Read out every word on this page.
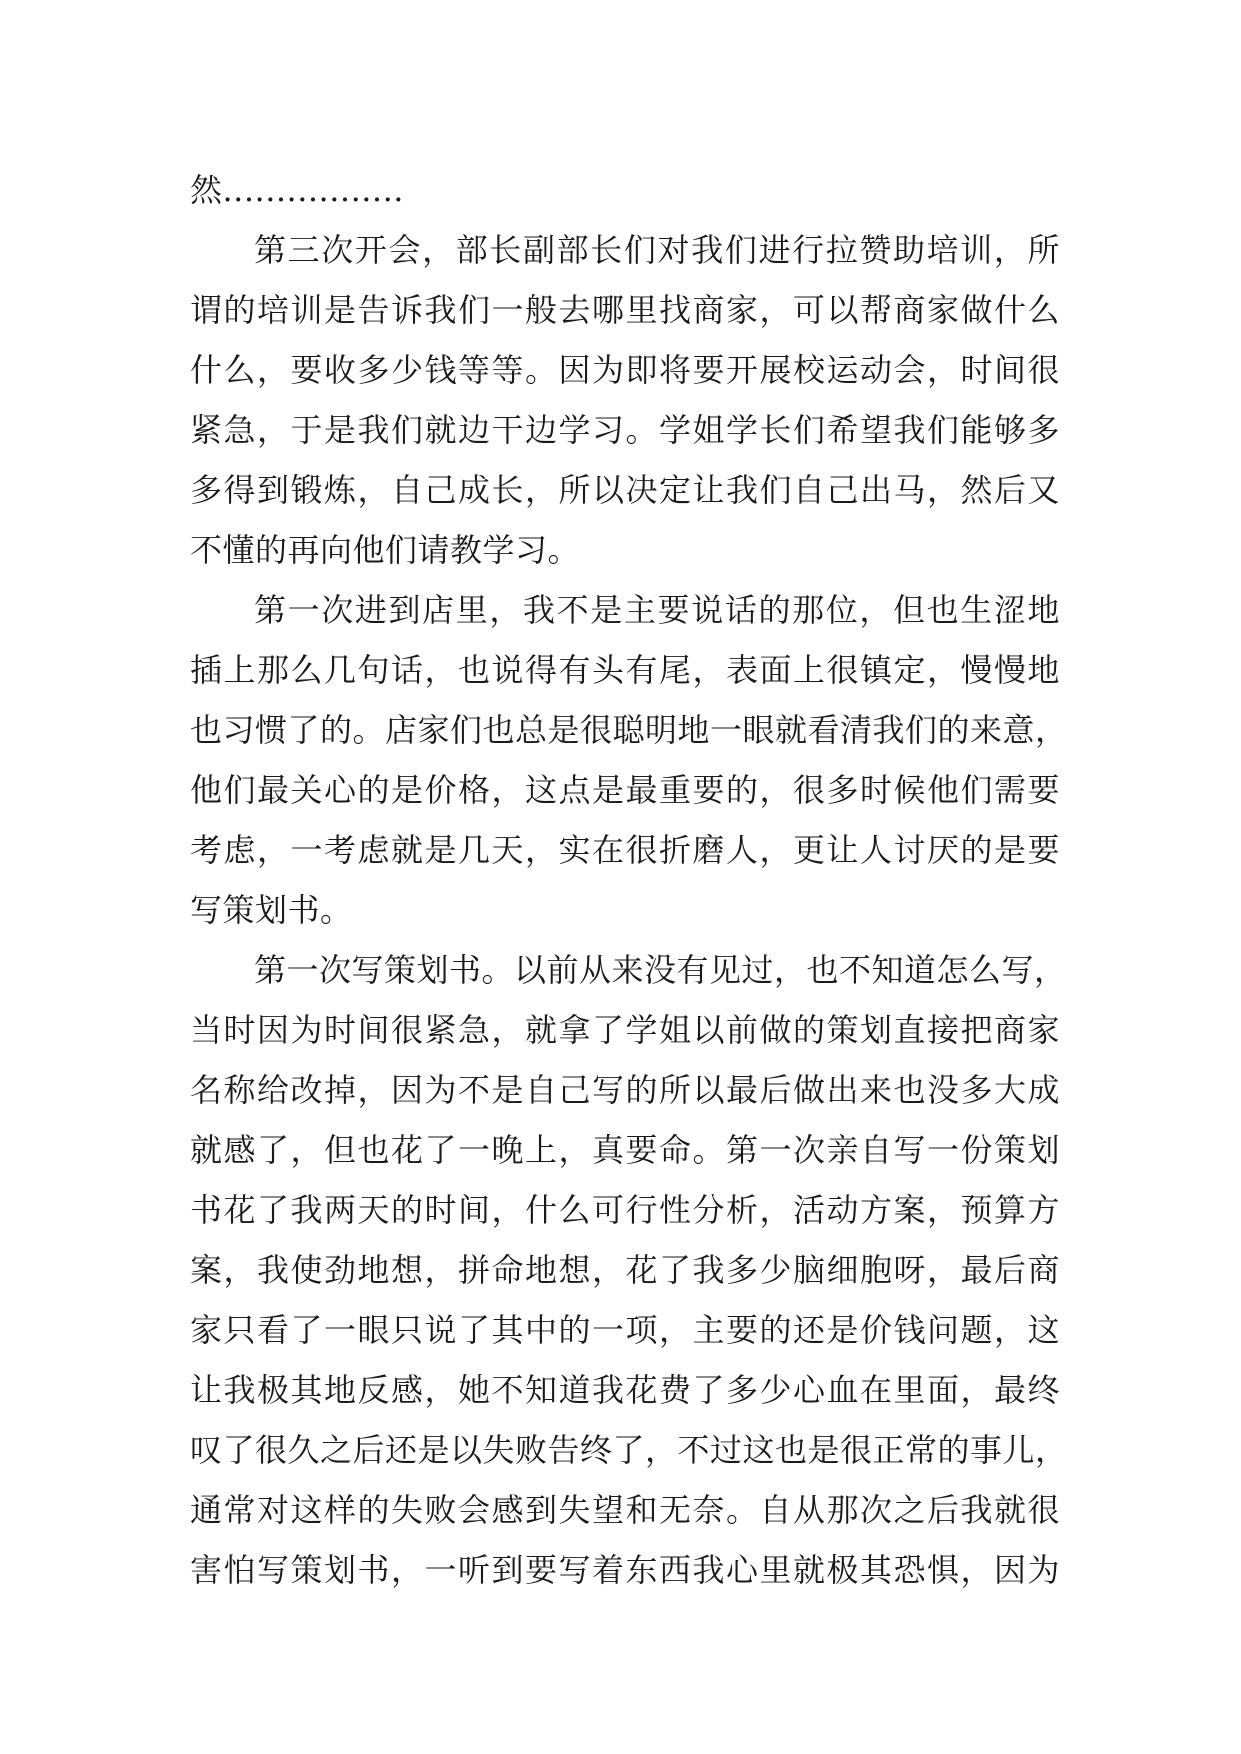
然.................
第三次开会，部长副部长们对我们进行拉赞助培训，所
谓的培训是告诉我们一般去哪里找商家，可以帮商家做什么
什么，要收多少钱等等。因为即将要开展校运动会，时间很
紧急，于是我们就边干边学习。学姐学长们希望我们能够多
多得到锻炼，自己成长，所以决定让我们自己出马，然后又
不懂的再向他们请教学习。
第一次进到店里，我不是主要说话的那位，但也生涩地
插上那么几句话，也说得有头有尾，表面上很镇定，慢慢地
也习惯了的。店家们也总是很聪明地一眼就看清我们的来意，
他们最关心的是价格，这点是最重要的，很多时候他们需要
考虑，一考虑就是几天，实在很折磨人，更让人讨厌的是要
写策划书。
第一次写策划书。以前从来没有见过，也不知道怎么写，
当时因为时间很紧急，就拿了学姐以前做的策划直接把商家
名称给改掉，因为不是自己写的所以最后做出来也没多大成
就感了，但也花了一晚上，真要命。第一次亲自写一份策划
书花了我两天的时间，什么可行性分析，活动方案，预算方
案，我使劲地想，拼命地想，花了我多少脑细胞呀，最后商
家只看了一眼只说了其中的一项，主要的还是价钱问题，这
让我极其地反感，她不知道我花费了多少心血在里面，最终
叹了很久之后还是以失败告终了，不过这也是很正常的事儿，
通常对这样的失败会感到失望和无奈。自从那次之后我就很
害怕写策划书，一听到要写着东西我心里就极其恐惧，因为
